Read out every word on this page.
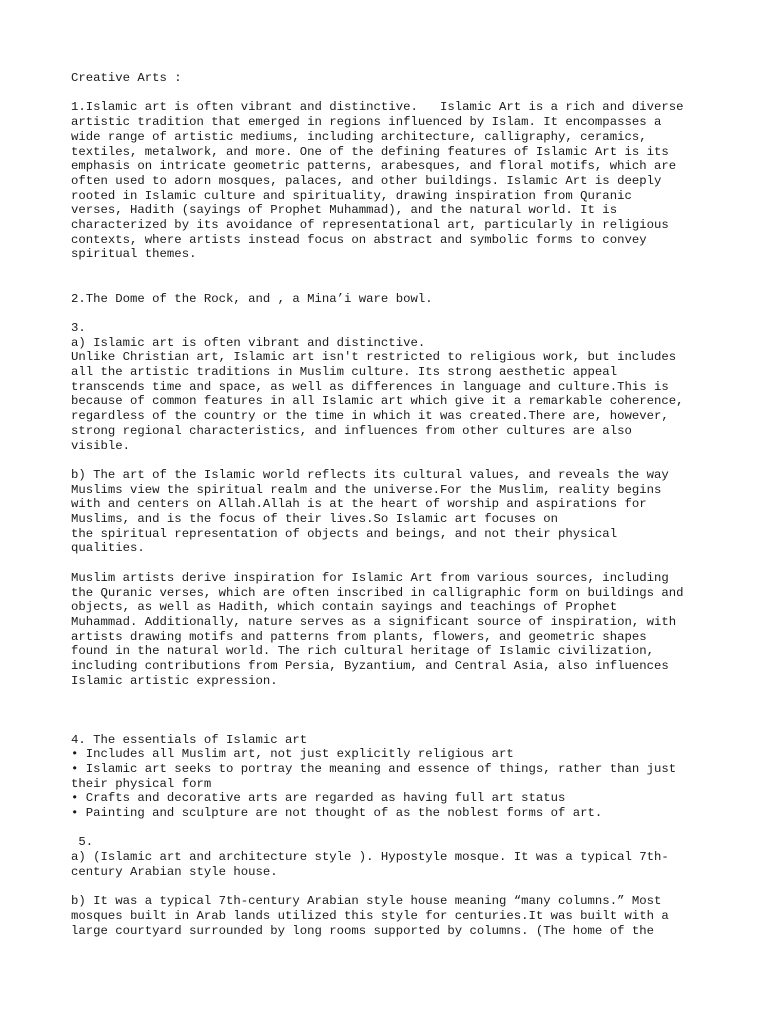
Creative Arts :
1.Islamic art is often vibrant and distinctive.   Islamic Art is a rich and diverse
artistic tradition that emerged in regions influenced by Islam. It encompasses a
wide range of artistic mediums, including architecture, calligraphy, ceramics,
textiles, metalwork, and more. One of the defining features of Islamic Art is its
emphasis on intricate geometric patterns, arabesques, and floral motifs, which are
often used to adorn mosques, palaces, and other buildings. Islamic Art is deeply
rooted in Islamic culture and spirituality, drawing inspiration from Quranic
verses, Hadith (sayings of Prophet Muhammad), and the natural world. It is
characterized by its avoidance of representational art, particularly in religious
contexts, where artists instead focus on abstract and symbolic forms to convey
spiritual themes.
2.The Dome of the Rock, and , a Mina’i ware bowl.
3.
a) Islamic art is often vibrant and distinctive.
Unlike Christian art, Islamic art isn't restricted to religious work, but includes
all the artistic traditions in Muslim culture. Its strong aesthetic appeal
transcends time and space, as well as differences in language and culture.This is
because of common features in all Islamic art which give it a remarkable coherence,
regardless of the country or the time in which it was created.There are, however,
strong regional characteristics, and influences from other cultures are also
visible.
b) The art of the Islamic world reflects its cultural values, and reveals the way
Muslims view the spiritual realm and the universe.For the Muslim, reality begins
with and centers on Allah.Allah is at the heart of worship and aspirations for
Muslims, and is the focus of their lives.So Islamic art focuses on
the spiritual representation of objects and beings, and not their physical
qualities.
Muslim artists derive inspiration for Islamic Art from various sources, including
the Quranic verses, which are often inscribed in calligraphic form on buildings and
objects, as well as Hadith, which contain sayings and teachings of Prophet
Muhammad. Additionally, nature serves as a significant source of inspiration, with
artists drawing motifs and patterns from plants, flowers, and geometric shapes
found in the natural world. The rich cultural heritage of Islamic civilization,
including contributions from Persia, Byzantium, and Central Asia, also influences
Islamic artistic expression.
4. The essentials of Islamic art
• Includes all Muslim art, not just explicitly religious art
• Islamic art seeks to portray the meaning and essence of things, rather than just
their physical form
• Crafts and decorative arts are regarded as having full art status
• Painting and sculpture are not thought of as the noblest forms of art.
5.
a) (Islamic art and architecture style ). Hypostyle mosque. It was a typical 7th-
century Arabian style house.
b) It was a typical 7th-century Arabian style house meaning “many columns.” Most
mosques built in Arab lands utilized this style for centuries.It was built with a
large courtyard surrounded by long rooms supported by columns. (The home of the
